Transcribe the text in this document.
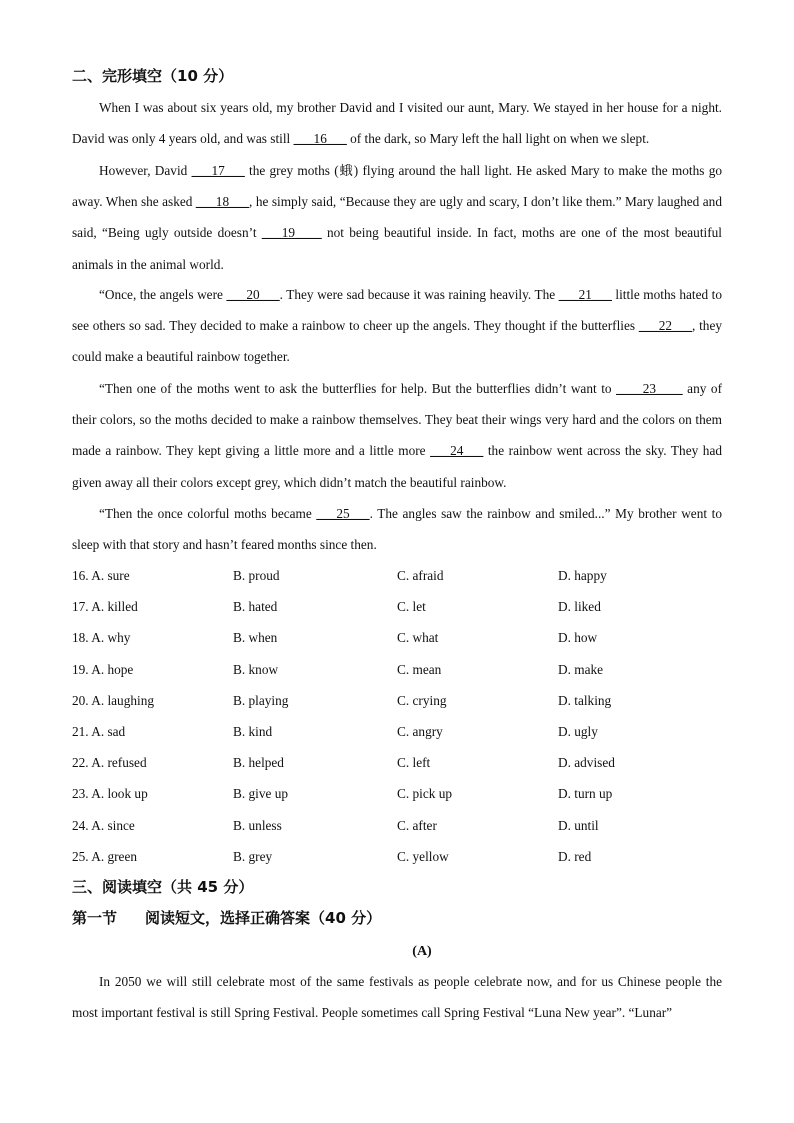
二、完形填空（10 分）

When I was about six years old, my brother David and I visited our aunt, Mary. We stayed in her house for a night. David was only 4 years old, and was still ___16___ of the dark, so Mary left the hall light on when we slept.

However, David ___17___ the grey moths (蛾) flying around the hall light. He asked Mary to make the moths go away. When she asked ___18___, he simply said, “Because they are ugly and scary, I don’t like them.” Mary laughed and said, “Being ugly outside doesn’t ___19____ not being beautiful inside. In fact, moths are one of the most beautiful animals in the animal world.

“Once, the angels were ___20___. They were sad because it was raining heavily. The ___21___ little moths hated to see others so sad. They decided to make a rainbow to cheer up the angels. They thought if the butterflies ___22___, they could make a beautiful rainbow together.

“Then one of the moths went to ask the butterflies for help. But the butterflies didn’t want to ____23____ any of their colors, so the moths decided to make a rainbow themselves. They beat their wings very hard and the colors on them made a rainbow. They kept giving a little more and a little more ___24___ the rainbow went across the sky. They had given away all their colors except grey, which didn’t match the beautiful rainbow.

“Then the once colorful moths became ___25___. The angles saw the rainbow and smiled...” My brother went to sleep with that story and hasn’t feared months since then.

16. A. sure	B. proud	C. afraid	D. happy
17. A. killed	B. hated	C. let	D. liked
18. A. why	B. when	C. what	D. how
19. A. hope	B. know	C. mean	D. make
20. A. laughing	B. playing	C. crying	D. talking
21. A. sad	B. kind	C. angry	D. ugly
22. A. refused	B. helped	C. left	D. advised
23. A. look up	B. give up	C. pick up	D. turn up
24. A. since	B. unless	C. after	D. until
25. A. green	B. grey	C. yellow	D. red
三、阅读填空（共 45 分）
第一节 阅读短文，选择正确答案（40 分）
(A)

In 2050 we will still celebrate most of the same festivals as people celebrate now, and for us Chinese people the most important festival is still Spring Festival. People sometimes call Spring Festival “Luna New year”. “Lunar”
